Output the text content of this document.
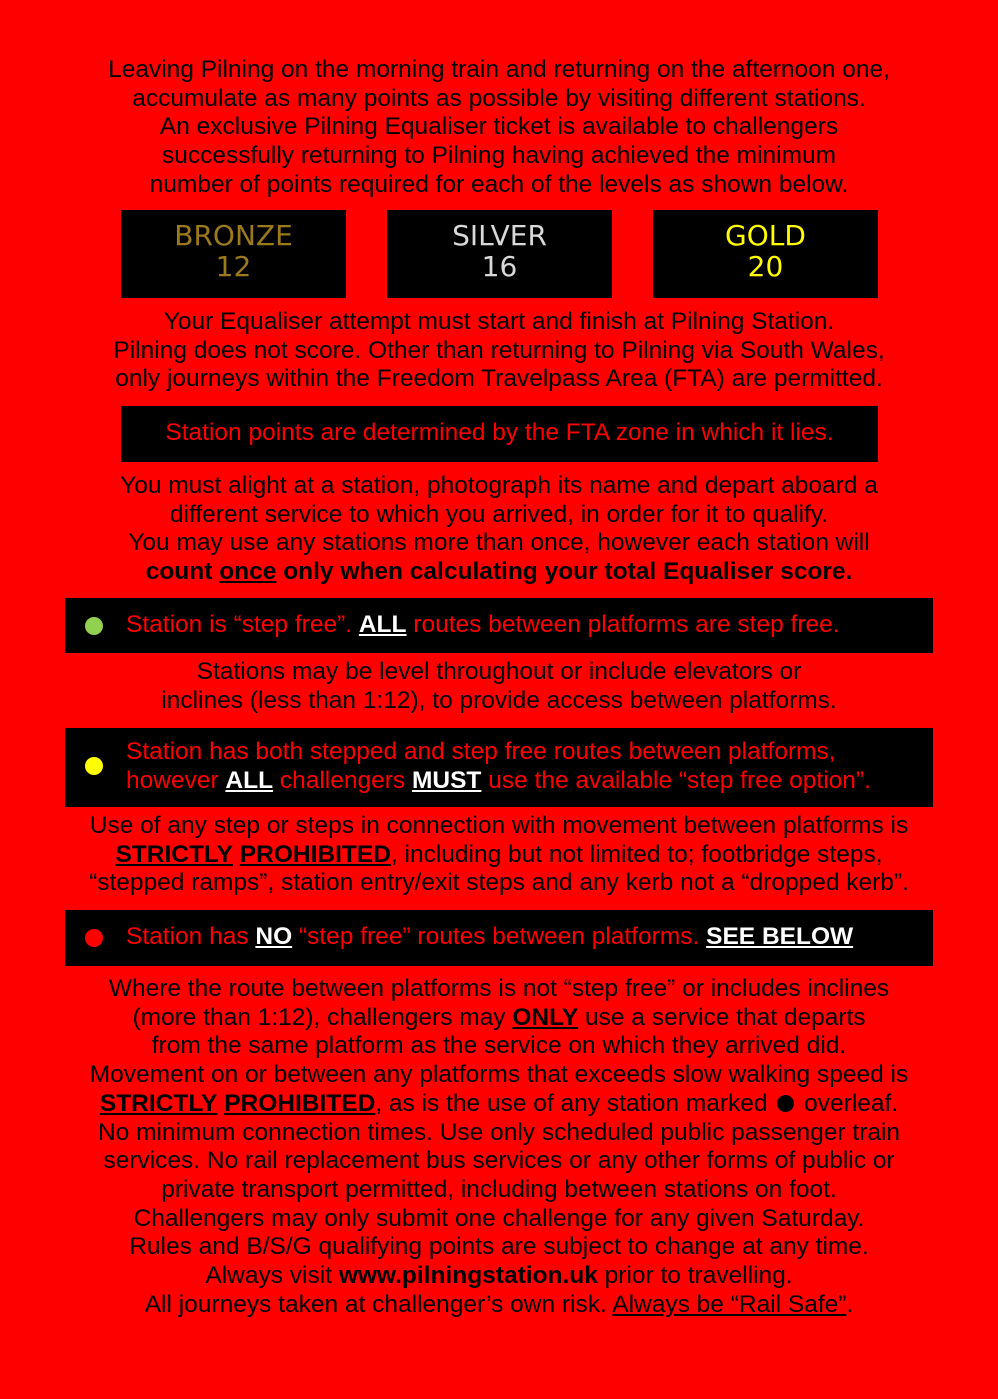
Leaving Pilning on the morning train and returning on the afternoon one,
accumulate as many points as possible by visiting different stations.
An exclusive Pilning Equaliser ticket is available to challengers
successfully returning to Pilning having achieved the minimum
number of points required for each of the levels as shown below.
BRONZE
12
SILVER
16
GOLD
20
Your Equaliser attempt must start and finish at Pilning Station.
Pilning does not score. Other than returning to Pilning via South Wales,
only journeys within the Freedom Travelpass Area (FTA) are permitted.
Station points are determined by the FTA zone in which it lies.
You must alight at a station, photograph its name and depart aboard a
different service to which you arrived, in order for it to qualify.
You may use any stations more than once, however each station will
count once only when calculating your total Equaliser score.
Station is “step free”. ALL routes between platforms are step free.
Stations may be level throughout or include elevators or
inclines (less than 1:12), to provide access between platforms.
Station has both stepped and step free routes between platforms,
however ALL challengers MUST use the available “step free option”.
Use of any step or steps in connection with movement between platforms is
STRICTLY PROHIBITED, including but not limited to; footbridge steps,
“stepped ramps”, station entry/exit steps and any kerb not a “dropped kerb”.
Station has NO “step free” routes between platforms. SEE BELOW
Where the route between platforms is not “step free” or includes inclines
(more than 1:12), challengers may ONLY use a service that departs
from the same platform as the service on which they arrived did.
Movement on or between any platforms that exceeds slow walking speed is
STRICTLY PROHIBITED, as is the use of any station marked overleaf.
No minimum connection times. Use only scheduled public passenger train
services. No rail replacement bus services or any other forms of public or
private transport permitted, including between stations on foot.
Challengers may only submit one challenge for any given Saturday.
Rules and B/S/G qualifying points are subject to change at any time.
Always visit www.pilningstation.uk prior to travelling.
All journeys taken at challenger’s own risk. Always be “Rail Safe”.
